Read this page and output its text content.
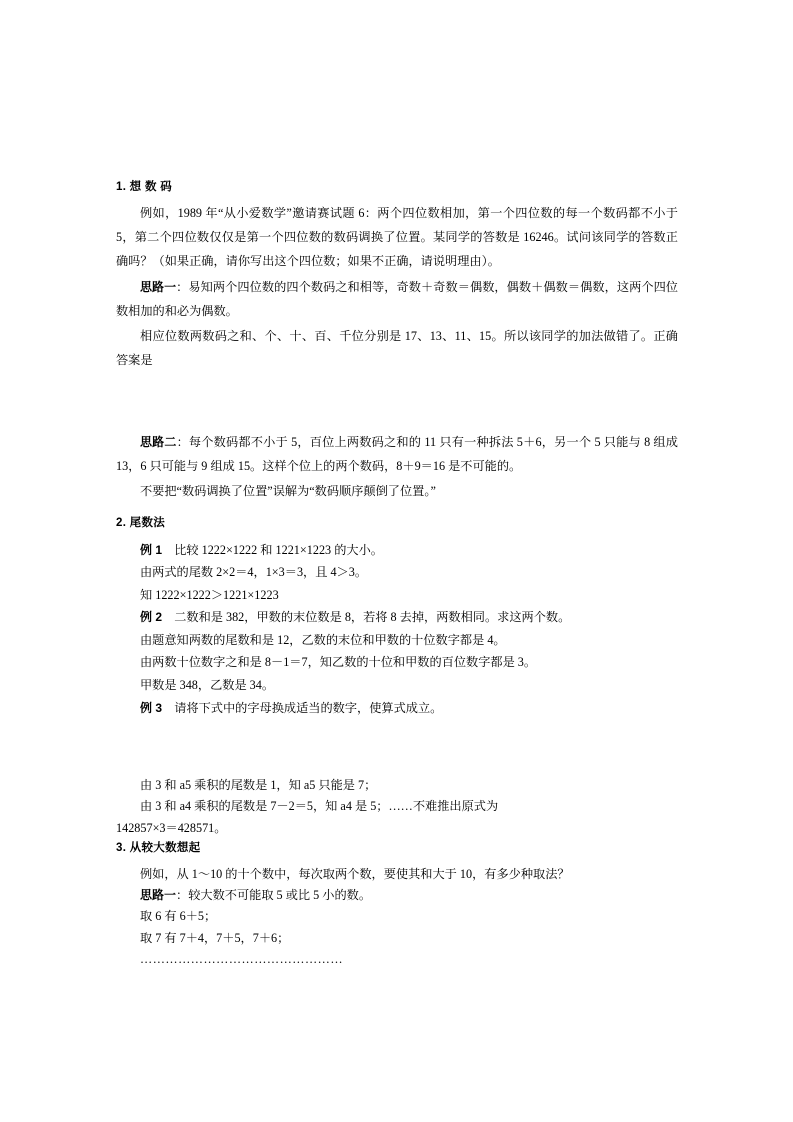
1. 想 数 码

例如，1989 年“从小爱数学”邀请赛试题 6：两个四位数相加，第一个四位数的每一个数码都不小于 5，第二个四位数仅仅是第一个四位数的数码调换了位置。某同学的答数是 16246。试问该同学的答数正确吗？（如果正确，请你写出这个四位数；如果不正确，请说明理由）。

思路一：易知两个四位数的四个数码之和相等，奇数＋奇数＝偶数，偶数＋偶数＝偶数，这两个四位数相加的和必为偶数。

相应位数两数码之和、个、十、百、千位分别是 17、13、11、15。所以该同学的加法做错了。正确答案是

思路二：每个数码都不小于 5，百位上两数码之和的 11 只有一种拆法 5＋6，另一个 5 只能与 8 组成 13，6 只可能与 9 组成 15。这样个位上的两个数码，8＋9＝16 是不可能的。

不要把“数码调换了位置”误解为“数码顺序颠倒了位置。”

2. 尾数法

例 1　比较 1222×1222 和 1221×1223 的大小。

由两式的尾数 2×2＝4，1×3＝3，且 4＞3。

知 1222×1222＞1221×1223

例 2　二数和是 382，甲数的末位数是 8，若将 8 去掉，两数相同。求这两个数。

由题意知两数的尾数和是 12，乙数的末位和甲数的十位数字都是 4。

由两数十位数字之和是 8－1＝7，知乙数的十位和甲数的百位数字都是 3。

甲数是 348，乙数是 34。

例 3　请将下式中的字母换成适当的数字，使算式成立。

由 3 和 a5 乘积的尾数是 1，知 a5 只能是 7；

由 3 和 a4 乘积的尾数是 7－2＝5，知 a4 是 5；……不难推出原式为

142857×3＝428571。

3. 从较大数想起

例如，从 1～10 的十个数中，每次取两个数，要使其和大于 10，有多少种取法？

思路一：较大数不可能取 5 或比 5 小的数。

取 6 有 6＋5；

取 7 有 7＋4，7＋5，7＋6；

…………………………………………
